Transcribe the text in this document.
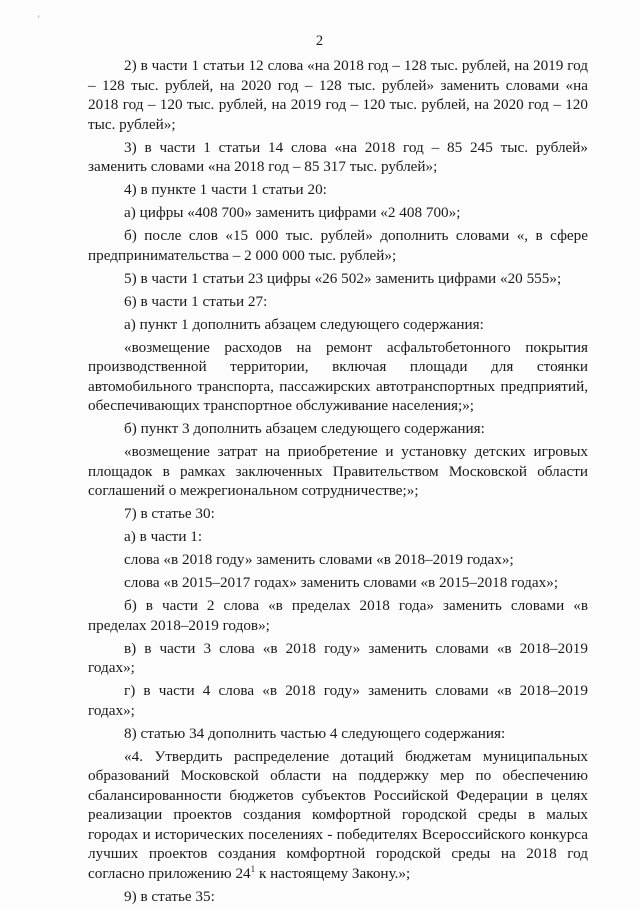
'
2

2) в части 1 статьи 12 слова «на 2018 год – 128 тыс. рублей, на 2019 год – 128 тыс. рублей, на 2020 год – 128 тыс. рублей» заменить словами «на 2018 год – 120 тыс. рублей, на 2019 год – 120 тыс. рублей, на 2020 год – 120 тыс. рублей»;

3) в части 1 статьи 14 слова «на 2018 год – 85 245 тыс. рублей» заменить словами «на 2018 год – 85 317 тыс. рублей»;

4) в пункте 1 части 1 статьи 20:

а) цифры «408 700» заменить цифрами «2 408 700»;

б) после слов «15 000 тыс. рублей» дополнить словами «, в сфере предпринимательства – 2 000 000 тыс. рублей»;

5) в части 1 статьи 23 цифры «26 502» заменить цифрами «20 555»;

6) в части 1 статьи 27:

а) пункт 1 дополнить абзацем следующего содержания:

«возмещение расходов на ремонт асфальтобетонного покрытия производственной территории, включая площади для стоянки автомобильного транспорта, пассажирских автотранспортных предприятий, обеспечивающих транспортное обслуживание населения;»;

б) пункт 3 дополнить абзацем следующего содержания:

«возмещение затрат на приобретение и установку детских игровых площадок в рамках заключенных Правительством Московской области соглашений о межрегиональном сотрудничестве;»;

7) в статье 30:

а) в части 1:

слова «в 2018 году» заменить словами «в 2018–2019 годах»;

слова «в 2015–2017 годах» заменить словами «в 2015–2018 годах»;

б) в части 2 слова «в пределах 2018 года» заменить словами «в пределах 2018–2019 годов»;

в) в части 3 слова «в 2018 году» заменить словами «в 2018–2019 годах»;

г) в части 4 слова «в 2018 году» заменить словами «в 2018–2019 годах»;

8) статью 34 дополнить частью 4 следующего содержания:

«4. Утвердить распределение дотаций бюджетам муниципальных образований Московской области на поддержку мер по обеспечению сбалансированности бюджетов субъектов Российской Федерации в целях реализации проектов создания комфортной городской среды в малых городах и исторических поселениях - победителях Всероссийского конкурса лучших проектов создания комфортной городской среды на 2018 год согласно приложению $24^1$ к настоящему Закону.»;

9) в статье 35:
